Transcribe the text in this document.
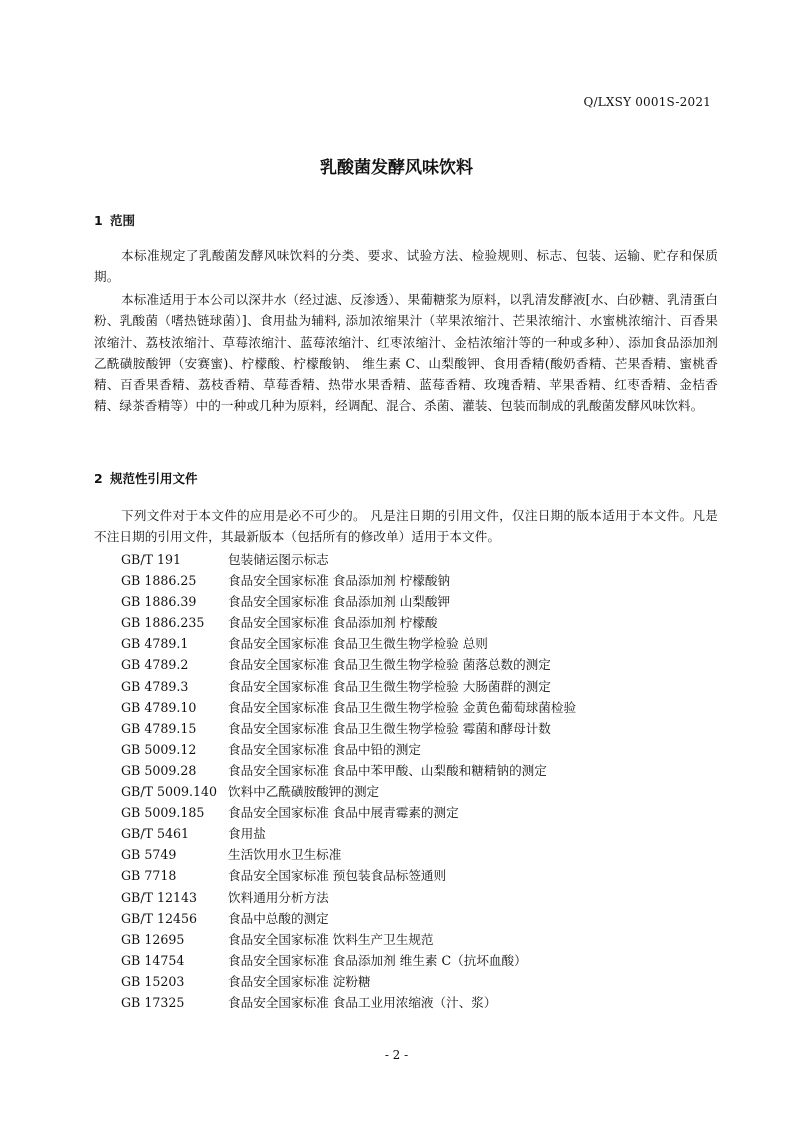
Q/LXSY 0001S-2021
乳酸菌发酵风味饮料
1 范围
本标准规定了乳酸菌发酵风味饮料的分类、要求、试验方法、检验规则、标志、包装、运输、贮存和保质期。
本标准适用于本公司以深井水（经过滤、反渗透）、果葡糖浆为原料，以乳清发酵液[水、白砂糖、乳清蛋白粉、乳酸菌（嗜热链球菌）]、食用盐为辅料, 添加浓缩果汁（苹果浓缩汁、芒果浓缩汁、水蜜桃浓缩汁、百香果浓缩汁、荔枝浓缩汁、草莓浓缩汁、蓝莓浓缩汁、红枣浓缩汁、金桔浓缩汁等的一种或多种）、添加食品添加剂乙酰磺胺酸钾（安赛蜜)、柠檬酸、柠檬酸钠、 维生素 C、山梨酸钾、食用香精(酸奶香精、芒果香精、蜜桃香精、百香果香精、荔枝香精、草莓香精、热带水果香精、蓝莓香精、玫瑰香精、苹果香精、红枣香精、金桔香精、绿茶香精等）中的一种或几种为原料，经调配、混合、杀菌、灌装、包装而制成的乳酸菌发酵风味饮料。
2 规范性引用文件
下列文件对于本文件的应用是必不可少的。 凡是注日期的引用文件，仅注日期的版本适用于本文件。凡是不注日期的引用文件，其最新版本（包括所有的修改单）适用于本文件。
GB/T 191	包装储运图示标志
GB 1886.25	食品安全国家标准 食品添加剂 柠檬酸钠
GB 1886.39	食品安全国家标准 食品添加剂 山梨酸钾
GB 1886.235 食品安全国家标准 食品添加剂 柠檬酸
GB 4789.1	食品安全国家标准 食品卫生微生物学检验 总则
GB 4789.2	食品安全国家标准 食品卫生微生物学检验 菌落总数的测定
GB 4789.3	食品安全国家标准 食品卫生微生物学检验 大肠菌群的测定
GB 4789.10	食品安全国家标准 食品卫生微生物学检验 金黄色葡萄球菌检验
GB 4789.15	食品安全国家标准 食品卫生微生物学检验 霉菌和酵母计数
GB 5009.12	食品安全国家标准 食品中铅的测定
GB 5009.28	食品安全国家标准 食品中苯甲酸、山梨酸和糖精钠的测定
GB/T 5009.140 饮料中乙酰磺胺酸钾的测定
GB 5009.185 食品安全国家标准 食品中展青霉素的测定
GB/T 5461	食用盐
GB 5749	生活饮用水卫生标准
GB 7718	食品安全国家标准 预包装食品标签通则
GB/T 12143 饮料通用分析方法
GB/T 12456 食品中总酸的测定
GB 12695	食品安全国家标准 饮料生产卫生规范
GB 14754	食品安全国家标准 食品添加剂 维生素 C（抗坏血酸）
GB 15203	食品安全国家标准 淀粉糖
GB 17325	食品安全国家标准 食品工业用浓缩液（汁、浆）
- 2 -
